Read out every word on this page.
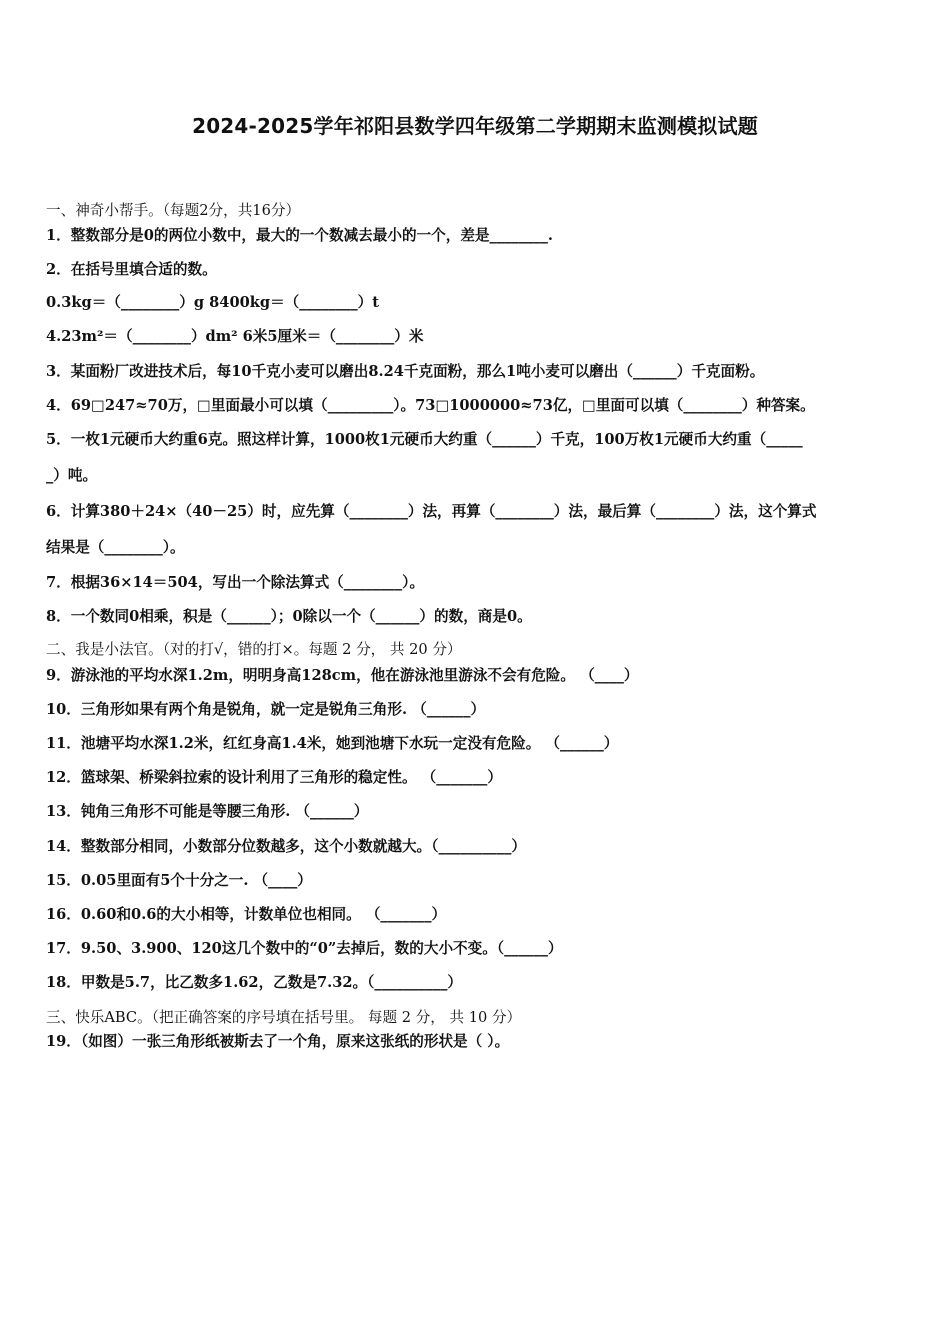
2024-2025学年祁阳县数学四年级第二学期期末监测模拟试题
一、神奇小帮手。（每题2分，共16分）
1．整数部分是0的两位小数中，最大的一个数减去最小的一个，差是________.
2．在括号里填合适的数。
0.3kg＝（________）g 8400kg＝（________）t
4.23m²＝（________）dm² 6米5厘米＝（________）米
3．某面粉厂改进技术后，每10千克小麦可以磨出8.24千克面粉，那么1吨小麦可以磨出（______）千克面粉。
4．69□247≈70万，□里面最小可以填（_________）。73□1000000≈73亿，□里面可以填（________）种答案。
5．一枚1元硬币大约重6克。照这样计算，1000枚1元硬币大约重（______）千克，100万枚1元硬币大约重（_____
_）吨。
6．计算380＋24×（40－25）时，应先算（________）法，再算（________）法，最后算（________）法，这个算式
结果是（________）。
7．根据36×14＝504，写出一个除法算式（________）。
8．一个数同0相乘，积是（______）；0除以一个（______）的数，商是0。
二、我是小法官。（对的打√，错的打×。每题 2 分， 共 20 分）
9．游泳池的平均水深1.2m，明明身高128cm，他在游泳池里游泳不会有危险。 （____）
10．三角形如果有两个角是锐角，就一定是锐角三角形. （______）
11．池塘平均水深1.2米，红红身高1.4米，她到池塘下水玩一定没有危险。 （______）
12．篮球架、桥梁斜拉索的设计利用了三角形的稳定性。 （_______）
13．钝角三角形不可能是等腰三角形. （______）
14．整数部分相同，小数部分位数越多，这个小数就越大。（__________）
15．0.05里面有5个十分之一. （____）
16．0.60和0.6的大小相等，计数单位也相同。 （_______）
17．9.50、3.900、120这几个数中的“0”去掉后，数的大小不变。（______）
18．甲数是5.7，比乙数多1.62，乙数是7.32。（__________）
三、快乐ABC。（把正确答案的序号填在括号里。 每题 2 分， 共 10 分）
19．（如图）一张三角形纸被斯去了一个角，原来这张纸的形状是（ ）。
